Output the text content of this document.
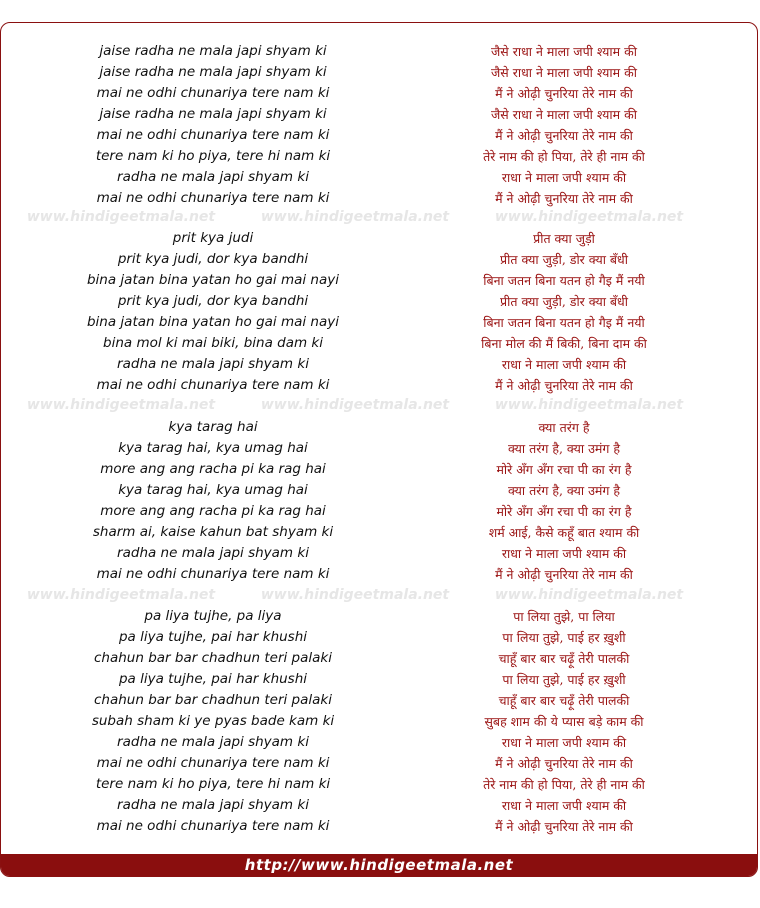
jaise radha ne mala japi shyam ki
jaise radha ne mala japi shyam ki
mai ne odhi chunariya tere nam ki
jaise radha ne mala japi shyam ki
mai ne odhi chunariya tere nam ki
tere nam ki ho piya, tere hi nam ki
radha ne mala japi shyam ki
mai ne odhi chunariya tere nam ki
prit kya judi
prit kya judi, dor kya bandhi
bina jatan bina yatan ho gai mai nayi
prit kya judi, dor kya bandhi
bina jatan bina yatan ho gai mai nayi
bina mol ki mai biki, bina dam ki
radha ne mala japi shyam ki
mai ne odhi chunariya tere nam ki
kya tarag hai
kya tarag hai, kya umag hai
more ang ang racha pi ka rag hai
kya tarag hai, kya umag hai
more ang ang racha pi ka rag hai
sharm ai, kaise kahun bat shyam ki
radha ne mala japi shyam ki
mai ne odhi chunariya tere nam ki
pa liya tujhe, pa liya
pa liya tujhe, pai har khushi
chahun bar bar chadhun teri palaki
pa liya tujhe, pai har khushi
chahun bar bar chadhun teri palaki
subah sham ki ye pyas bade kam ki
radha ne mala japi shyam ki
mai ne odhi chunariya tere nam ki
tere nam ki ho piya, tere hi nam ki
radha ne mala japi shyam ki
mai ne odhi chunariya tere nam ki
जैसे राधा ने माला जपी श्याम की
जैसे राधा ने माला जपी श्याम की
मैं ने ओढ़ी चुनरिया तेरे नाम की
जैसे राधा ने माला जपी श्याम की
मैं ने ओढ़ी चुनरिया तेरे नाम की
तेरे नाम की हो पिया, तेरे ही नाम की
राधा ने माला जपी श्याम की
मैं ने ओढ़ी चुनरिया तेरे नाम की
प्रीत क्या जुड़ी
प्रीत क्या जुड़ी, डोर क्या बँधी
बिना जतन बिना यतन हो गैइ मैं नयी
प्रीत क्या जुड़ी, डोर क्या बँधी
बिना जतन बिना यतन हो गैइ मैं नयी
बिना मोल की मैं बिकी, बिना दाम की
राधा ने माला जपी श्याम की
मैं ने ओढ़ी चुनरिया तेरे नाम की
क्या तरंग है
क्या तरंग है, क्या उमंग है
मोरे अँग अँग रचा पी का रंग है
क्या तरंग है, क्या उमंग है
मोरे अँग अँग रचा पी का रंग है
शर्म आई, कैसे कहूँ बात श्याम की
राधा ने माला जपी श्याम की
मैं ने ओढ़ी चुनरिया तेरे नाम की
पा लिया तुझे, पा लिया
पा लिया तुझे, पाई हर ख़ुशी
चाहूँ बार बार चढ़ूँ तेरी पालकी
पा लिया तुझे, पाई हर ख़ुशी
चाहूँ बार बार चढ़ूँ तेरी पालकी
सुबह शाम की ये प्यास बड़े काम की
राधा ने माला जपी श्याम की
मैं ने ओढ़ी चुनरिया तेरे नाम की
तेरे नाम की हो पिया, तेरे ही नाम की
राधा ने माला जपी श्याम की
मैं ने ओढ़ी चुनरिया तेरे नाम की
www.hindigeetmala.net	www.hindigeetmala.net	www.hindigeetmala.net
www.hindigeetmala.net	www.hindigeetmala.net	www.hindigeetmala.net
www.hindigeetmala.net	www.hindigeetmala.net	www.hindigeetmala.net
http://www.hindigeetmala.net
